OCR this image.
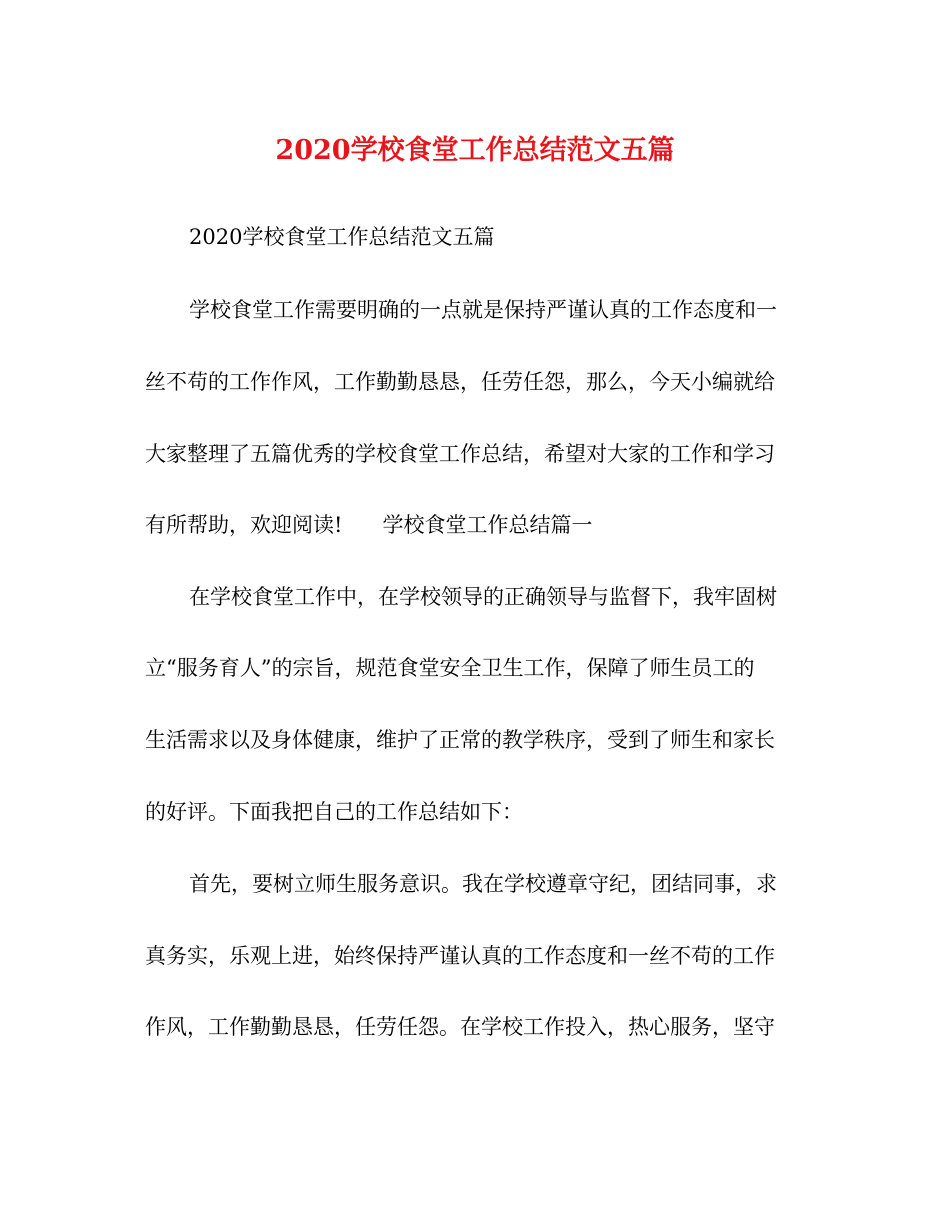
2020学校食堂工作总结范文五篇
2020学校食堂工作总结范文五篇
学校食堂工作需要明确的一点就是保持严谨认真的工作态度和一
丝不苟的工作作风，工作勤勤恳恳，任劳任怨，那么，今天小编就给
大家整理了五篇优秀的学校食堂工作总结，希望对大家的工作和学习
有所帮助，欢迎阅读! 学校食堂工作总结篇一
在学校食堂工作中，在学校领导的正确领导与监督下，我牢固树
立“服务育人”的宗旨，规范食堂安全卫生工作，保障了师生员工的
生活需求以及身体健康，维护了正常的教学秩序，受到了师生和家长
的好评。下面我把自己的工作总结如下：
首先，要树立师生服务意识。我在学校遵章守纪，团结同事，求
真务实，乐观上进，始终保持严谨认真的工作态度和一丝不苟的工作
作风，工作勤勤恳恳，任劳任怨。在学校工作投入，热心服务，坚守
